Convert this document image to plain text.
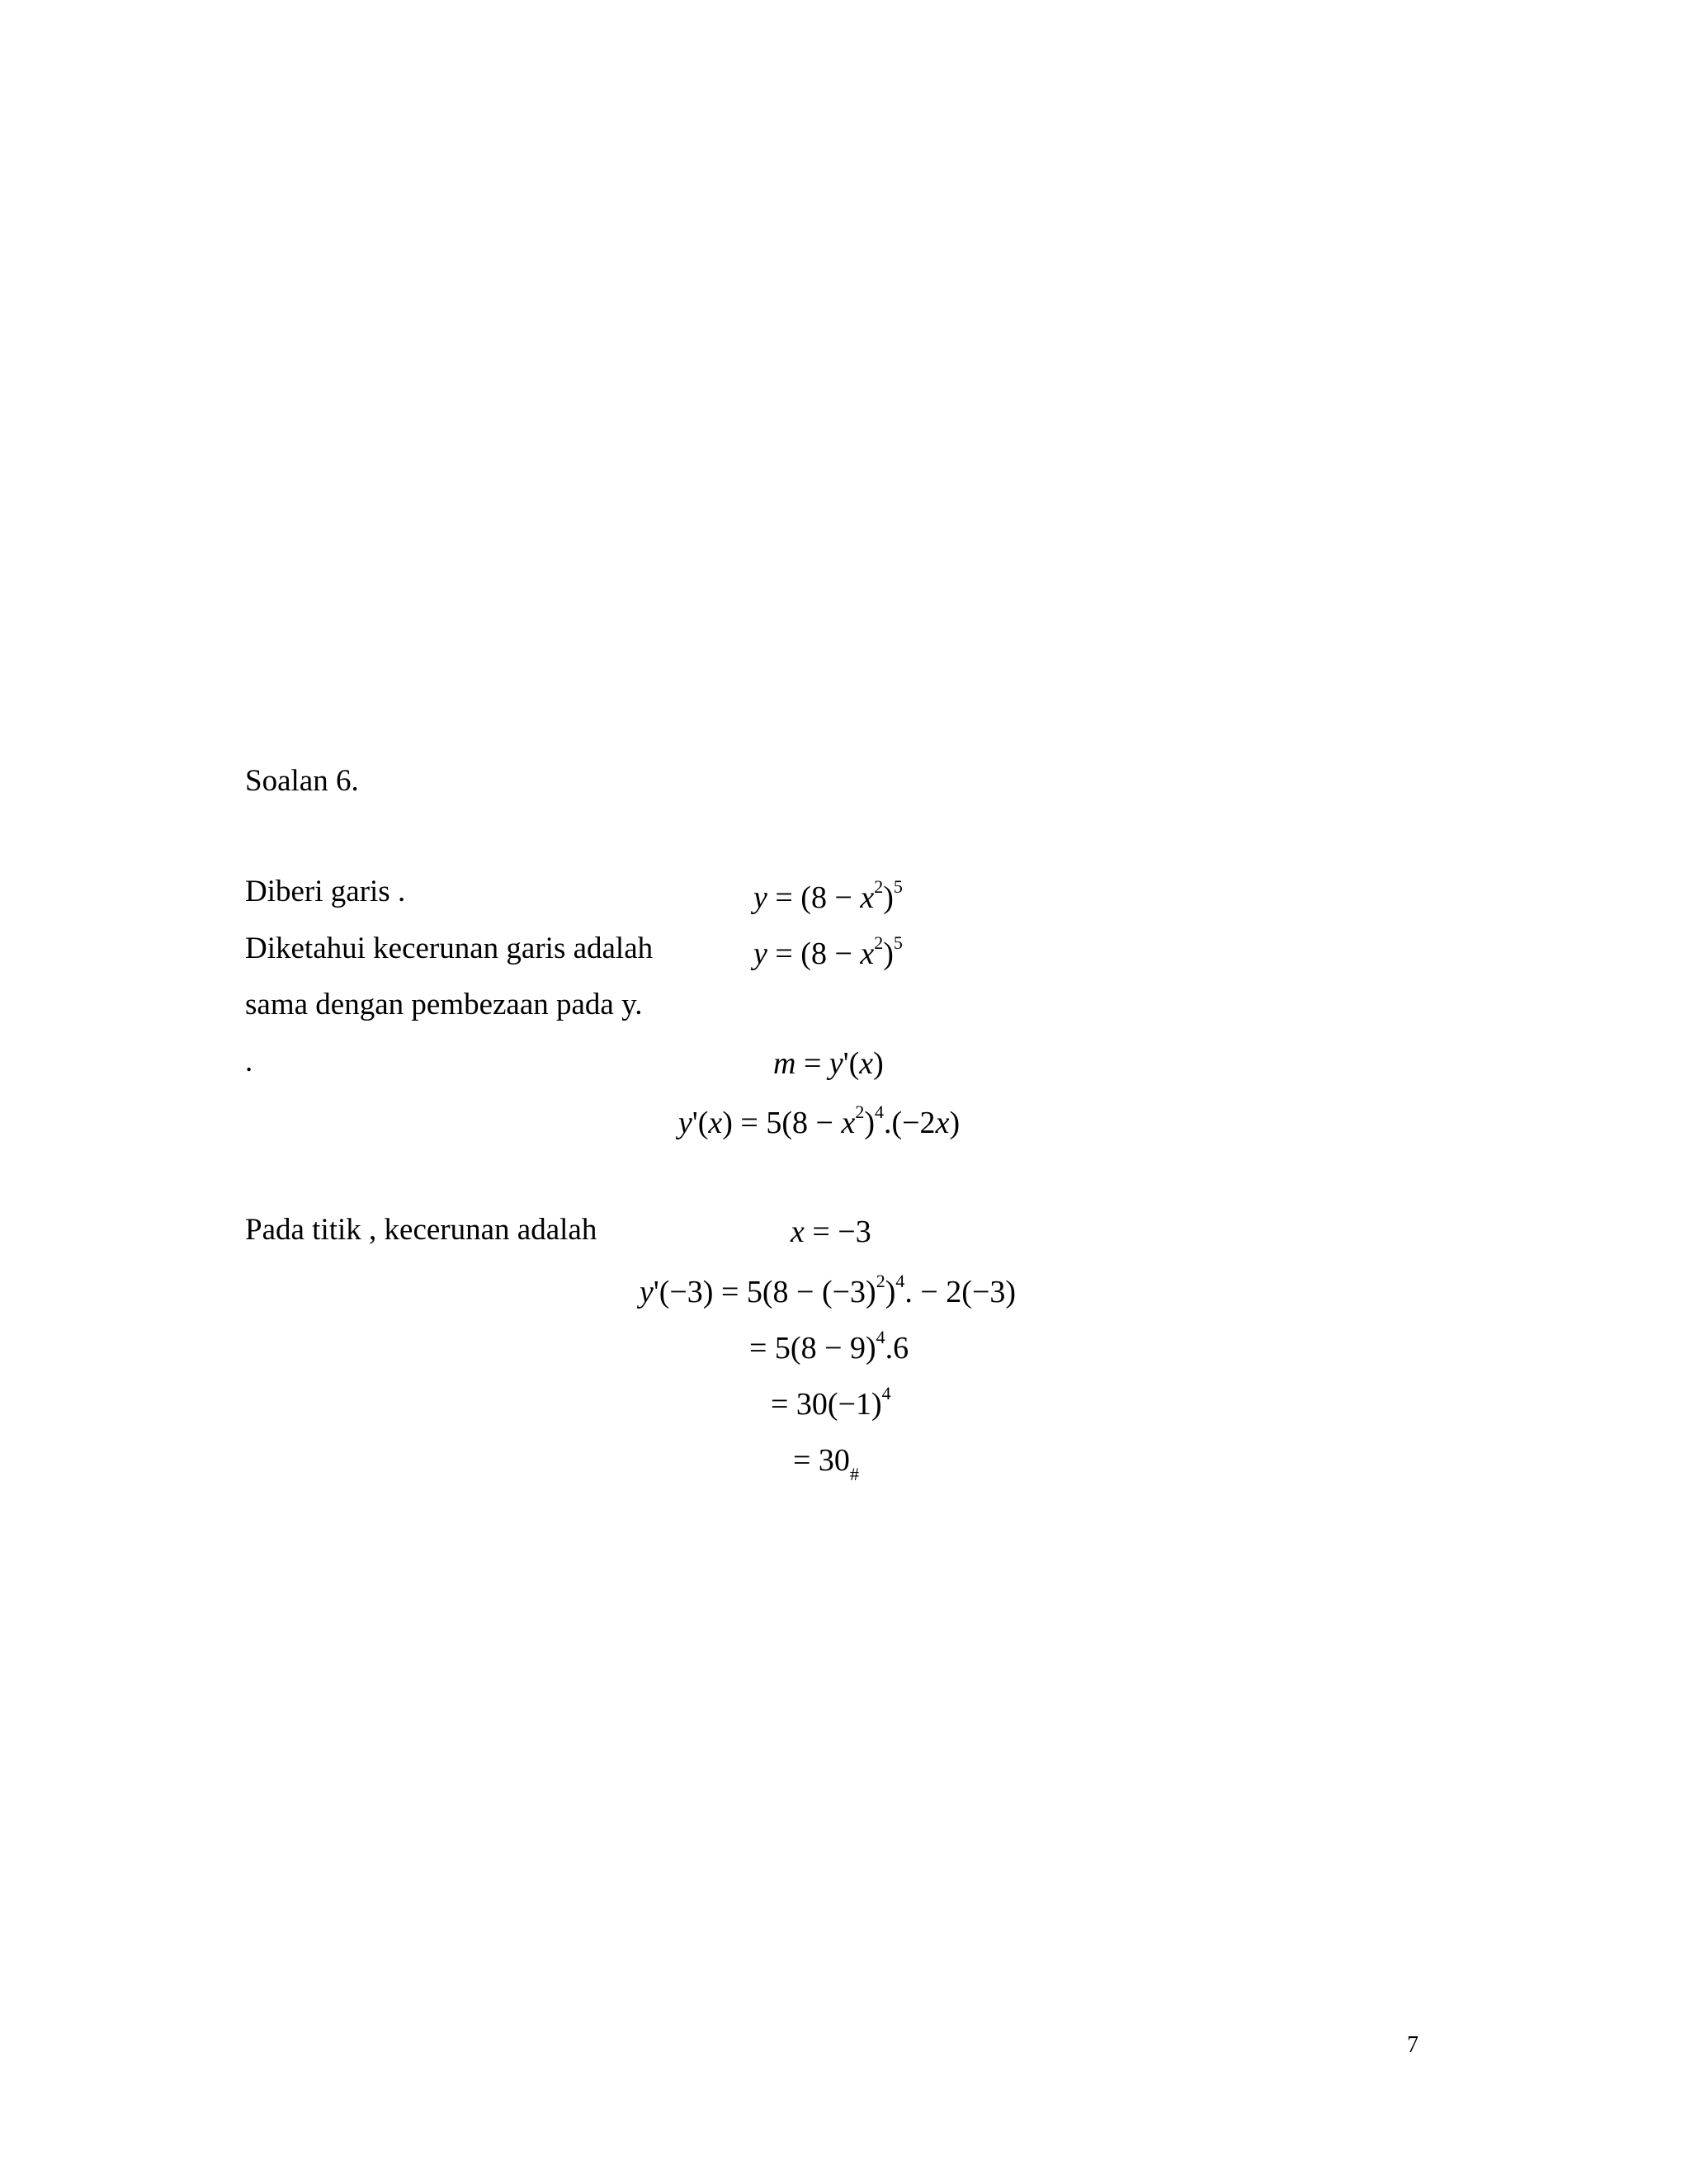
Soalan 6.
Diberi garis .
Diketahui kecerunan garis adalah
sama dengan pembezaan pada y.
.
Pada titik , kecerunan adalah
$y = (8 - x^2)^5$
$y = (8 - x^2)^5$
m = y'(x)
$y'(x) = 5(8 - x^2)^4.(-2x)$
x = −3
$y'(-3) = 5(8 - (-3)^2)^4$. − 2(−3)
= $5(8 - 9)^4.6$
= $30(-1)^4$
= $30_{\#}$
7
